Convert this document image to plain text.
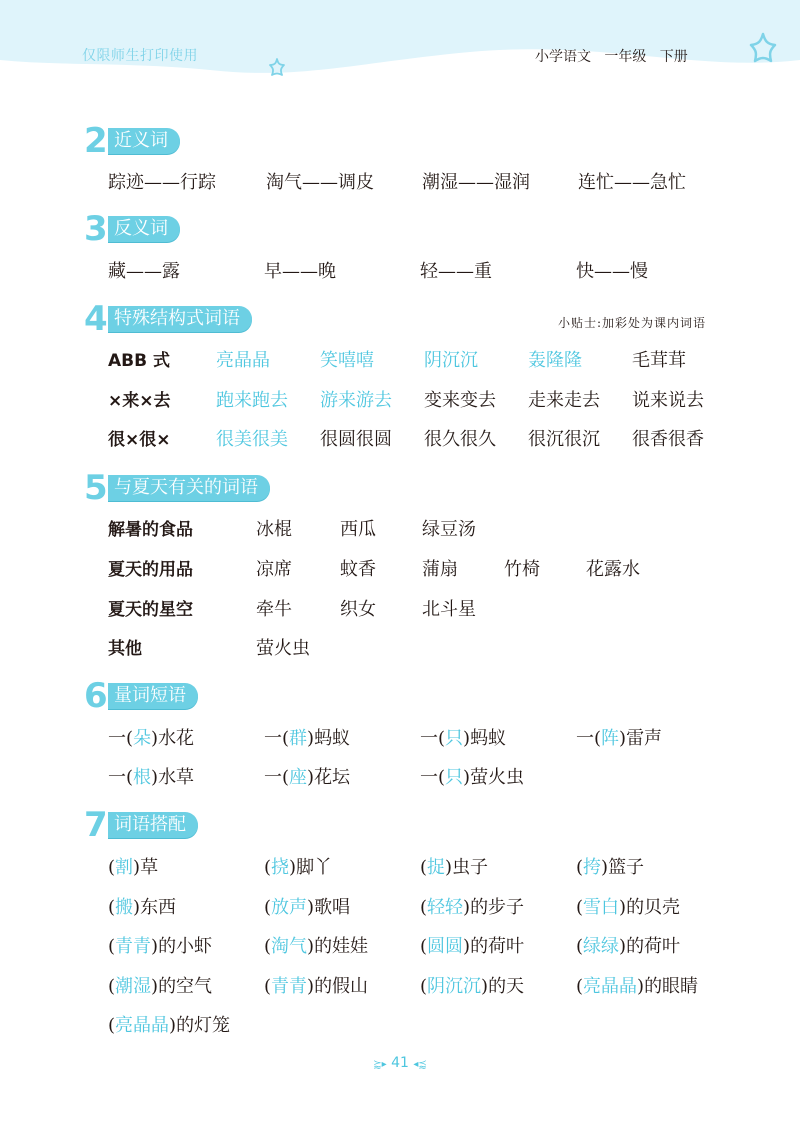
仅限师生打印使用	小学语文 一年级 下册
2 近义词
踪迹——行踪	淘气——调皮	潮湿——湿润	连忙——急忙
3 反义词
藏——露	早——晚	轻——重	快——慢
4 特殊结构式词语	小贴士:加彩处为课内词语
ABB 式	亮晶晶	笑嘻嘻	阴沉沉	轰隆隆	毛茸茸
×来×去	跑来跑去 游来游去 变来变去 走来走去 说来说去
很×很×	很美很美 很圆很圆 很久很久 很沉很沉 很香很香
5 与夏天有关的词语
解暑的食品	冰棍	西瓜	绿豆汤
夏天的用品	凉席	蚊香	蒲扇	竹椅	花露水
夏天的星空	牵牛	织女	北斗星
其他	萤火虫
6 量词短语
一(朵)水花	一(群)蚂蚁	一(只)蚂蚁	一(阵)雷声
一(根)水草	一(座)花坛	一(只)萤火虫
7 词语搭配
(割)草	(挠)脚丫	(捉)虫子	(挎)篮子
(搬)东西	(放声)歌唱	(轻轻)的步子	(雪白)的贝壳
(青青)的小虾	(淘气)的娃娃	(圆圆)的荷叶	(绿绿)的荷叶
(潮湿)的空气	(青青)的假山	(阴沉沉)的天	(亮晶晶)的眼睛
(亮晶晶)的灯笼
⪸▸ 41 ◂⪷
